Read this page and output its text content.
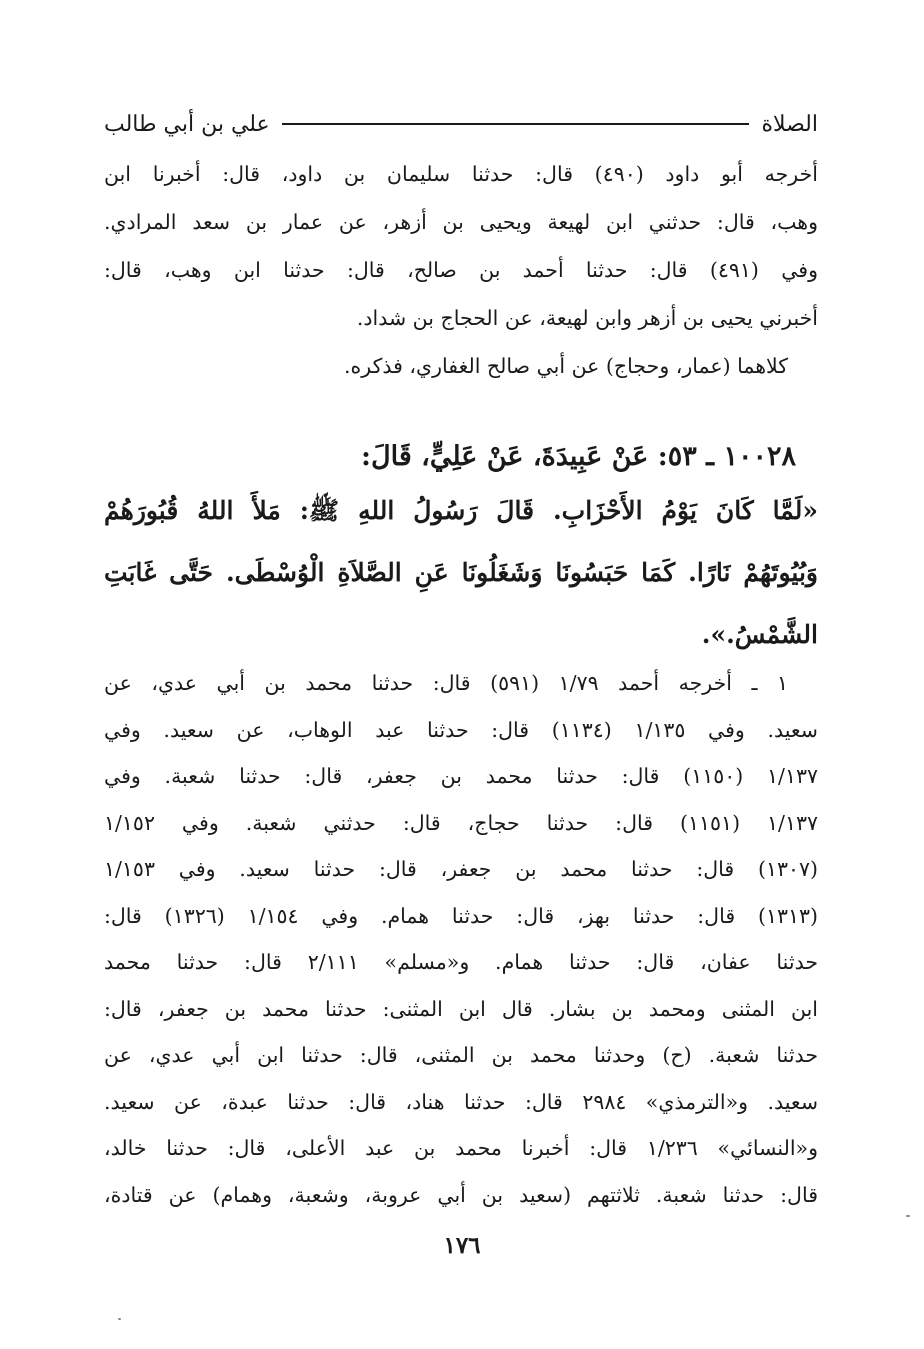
الصلاة
علي بن أبي طالب
أخرجه أبو داود (٤٩٠) قال: حدثنا سليمان بن داود، قال: أخبرنا ابن
وهب، قال: حدثني ابن لهيعة ويحيى بن أزهر، عن عمار بن سعد المرادي.
وفي (٤٩١) قال: حدثنا أحمد بن صالح، قال: حدثنا ابن وهب، قال:
أخبرني يحيى بن أزهر وابن لهيعة، عن الحجاج بن شداد.
كلاهما (عمار، وحجاج) عن أبي صالح الغفاري، فذكره.
١٠٠٢٨ ـ ٥٣: عَنْ عَبِيدَةَ، عَنْ عَلِيٍّ، قَالَ:
«لَمَّا كَانَ يَوْمُ الأَحْزَابِ. قَالَ رَسُولُ اللهِ ﷺ: مَلأَ اللهُ قُبُورَهُمْ
وَبُيُوتَهُمْ نَارًا. كَمَا حَبَسُونَا وَشَغَلُونَا عَنِ الصَّلاَةِ الْوُسْطَى. حَتَّى غَابَتِ
الشَّمْسُ.».
١ ـ أخرجه أحمد ١/٧٩ (٥٩١) قال: حدثنا محمد بن أبي عدي، عن
سعيد. وفي ١/١٣٥ (١١٣٤) قال: حدثنا عبد الوهاب، عن سعيد. وفي
١/١٣٧ (١١٥٠) قال: حدثنا محمد بن جعفر، قال: حدثنا شعبة. وفي
١/١٣٧ (١١٥١) قال: حدثنا حجاج، قال: حدثني شعبة. وفي ١/١٥٢
(١٣٠٧) قال: حدثنا محمد بن جعفر، قال: حدثنا سعيد. وفي ١/١٥٣
(١٣١٣) قال: حدثنا بهز، قال: حدثنا همام. وفي ١/١٥٤ (١٣٢٦) قال:
حدثنا عفان، قال: حدثنا همام. و«مسلم» ٢/١١١ قال: حدثنا محمد
ابن المثنى ومحمد بن بشار. قال ابن المثنى: حدثنا محمد بن جعفر، قال:
حدثنا شعبة. (ح) وحدثنا محمد بن المثنى، قال: حدثنا ابن أبي عدي، عن
سعيد. و«الترمذي» ٢٩٨٤ قال: حدثنا هناد، قال: حدثنا عبدة، عن سعيد.
و«النسائي» ١/٢٣٦ قال: أخبرنا محمد بن عبد الأعلى، قال: حدثنا خالد،
قال: حدثنا شعبة. ثلاثتهم (سعيد بن أبي عروبة، وشعبة، وهمام) عن قتادة،
١٧٦
